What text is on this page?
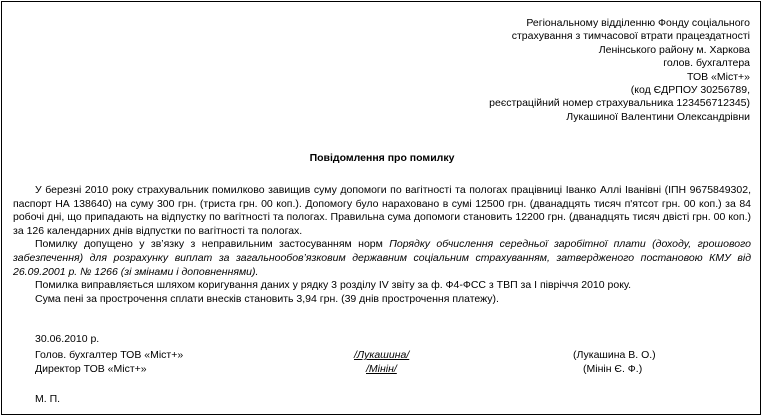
Регіональному відділенню Фонду соціального
страхування з тимчасової втрати працездатності
Ленінського району м. Харкова
голов. бухгалтера
ТОВ «Міст+»
(код ЄДРПОУ 30256789,
реєстраційний номер страхувальника 123456712345)
Лукашиної Валентини Олександрівни
Повідомлення про помилку

У березні 2010 року страхувальник помилково завищив суму допомоги по вагітності та пологах працівниці Іванко Аллі Іванівні (ІПН 9675849302, паспорт НА 138640) на суму 300 грн. (триста грн. 00 коп.). Допомогу було нараховано в сумі 12500 грн. (дванадцять тисяч п'ятсот грн. 00 коп.) за 84 робочі дні, що припадають на відпустку по вагітності та пологах. Правильна сума допомоги становить 12200 грн. (дванадцять тисяч двісті грн. 00 коп.) за 126 календарних днів відпустки по вагітності та пологах.

Помилку допущено у зв’язку з неправильним застосуванням норм Порядку обчислення середньої заробітної плати (доходу, грошового забезпечення) для розрахунку виплат за загальнообов’язковим державним соціальним страхуванням, затвердженого постановою КМУ від 26.09.2001 р. № 1266 (зі змінами і доповненнями).

Помилка виправляється шляхом коригування даних у рядку 3 розділу IV звіту за ф. Ф4-ФСС з ТВП за I півріччя 2010 року.

Сума пені за прострочення сплати внесків становить 3,94 грн. (39 днів прострочення платежу).

30.06.2010 р.
Голов. бухгалтер ТОВ «Міст+»	/Лукашина/	(Лукашина В. О.)
Директор ТОВ «Міст+»	/Мінін/	(Мінін Є. Ф.)
М. П.
